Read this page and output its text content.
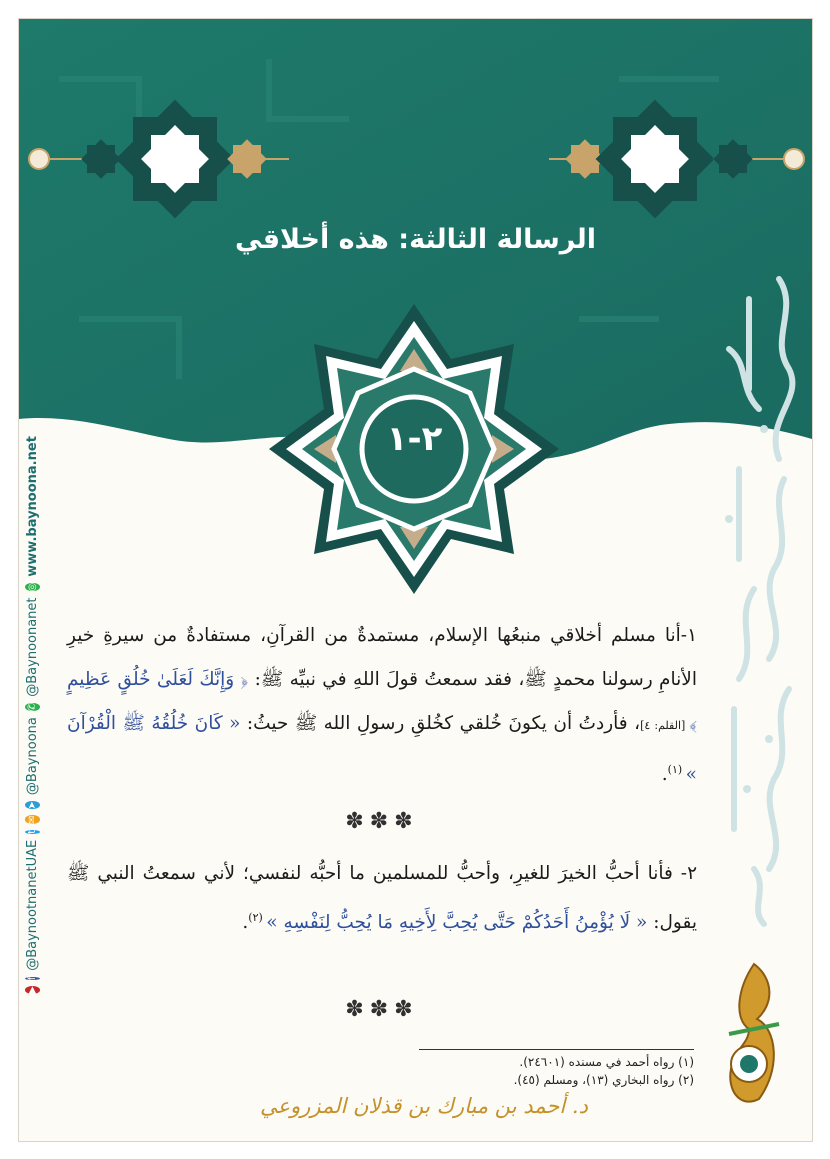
الرسالة الثالثة: هذه أخلاقي
٢-١
▶
f
@BaynootnanetUAE
t
✉
➤
@Baynoona
✆
@Baynoonanet
◎
www.baynoona.net
١-أنا مسلم أخلاقي منبعُها الإسلام، مستمدةٌ من القرآنِ، مستفادةٌ من سيرةِ خيرِ الأنامِ رسولنا محمدٍ ﷺ، فقد سمعتُ قولَ اللهِ في نبيِّه ﷺ: ﴿ وَإِنَّكَ لَعَلَىٰ خُلُقٍ عَظِيمٍ ﴾ [القلم: ٤]، فأردتُ أن يكونَ خُلقي كخُلقِ رسولِ الله ﷺ حيثُ: « كَانَ خُلُقُهُ ﷺ الْقُرْآنَ » $^{(١)}$.
✽✽✽
٢- فأنا أحبُّ الخيرَ للغيرِ، وأحبُّ للمسلمين ما أحبُّه لنفسي؛ لأني سمعتُ النبي ﷺ يقول: « لَا يُؤْمِنُ أَحَدُكُمْ حَتَّى يُحِبَّ لِأَخِيهِ مَا يُحِبُّ لِنَفْسِهِ » $^{(٢)}$.
✽✽✽
(١) رواه أحمد في مسنده (٢٤٦٠١).
(٢) رواه البخاري (١٣)، ومسلم (٤٥).
د. أحمد بن مبارك بن قذلان المزروعي
